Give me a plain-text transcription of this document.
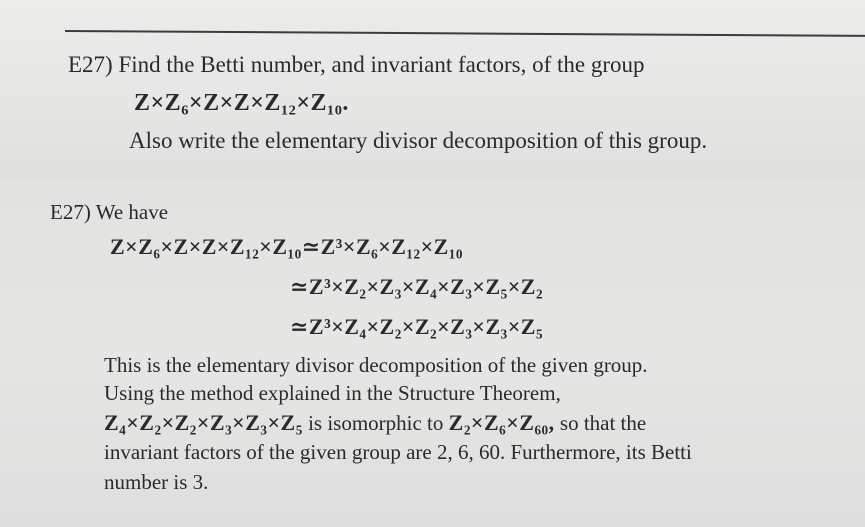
E27) Find the Betti number, and invariant factors, of the group
Z×Z₆×Z×Z×Z₁₂×Z₁₀.
Also write the elementary divisor decomposition of this group.
E27) We have
Z×Z₆×Z×Z×Z₁₂×Z₁₀≃Z³×Z₆×Z₁₂×Z₁₀
≃Z³×Z₂×Z₃×Z₄×Z₃×Z₅×Z₂
≃Z³×Z₄×Z₂×Z₂×Z₃×Z₃×Z₅
This is the elementary divisor decomposition of the given group.
Using the method explained in the Structure Theorem,
Z₄×Z₂×Z₂×Z₃×Z₃×Z₅ is isomorphic to Z₂×Z₆×Z₆₀, so that the
invariant factors of the given group are 2, 6, 60. Furthermore, its Betti
number is 3.
